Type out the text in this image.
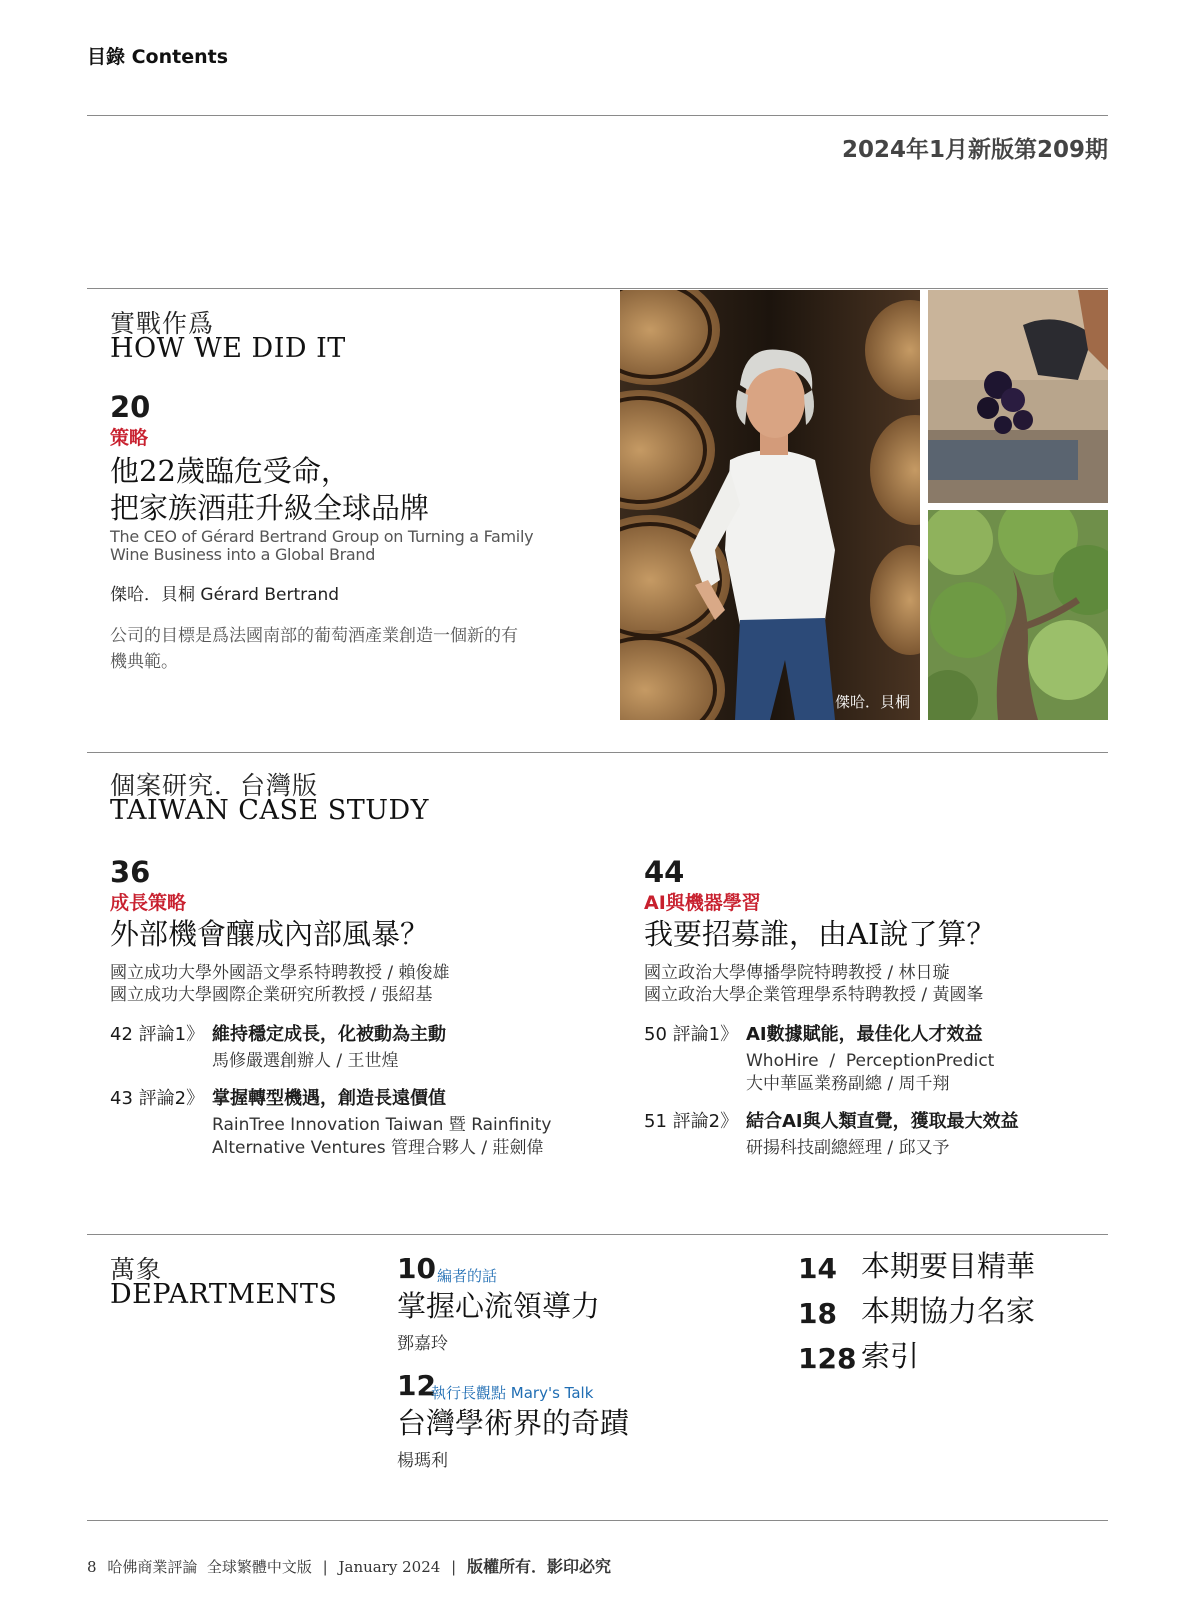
目錄 Contents
2024年1月新版第209期
實戰作爲
HOW WE DID IT
20
策略
他22歲臨危受命，
把家族酒莊升級全球品牌
The CEO of Gérard Bertrand Group on Turning a Family
Wine Business into a Global Brand
傑哈．貝桐 Gérard Bertrand
公司的目標是爲法國南部的葡萄酒產業創造一個新的有
機典範。
傑哈．貝桐
個案研究．台灣版
TAIWAN CASE STUDY
36
成長策略
外部機會釀成內部風暴？
國立成功大學外國語文學系特聘教授 / 賴俊雄
國立成功大學國際企業研究所教授 / 張紹基
42 評論1》 維持穩定成長，化被動為主動
馬修嚴選創辦人 / 王世煌
43 評論2》 掌握轉型機遇，創造長遠價值
RainTree Innovation Taiwan 暨 Rainfinity
Alternative Ventures 管理合夥人 / 莊劍偉
44
AI與機器學習
我要招募誰，由AI說了算？
國立政治大學傳播學院特聘教授 / 林日璇
國立政治大學企業管理學系特聘教授 / 黃國峯
50 評論1》 AI數據賦能，最佳化人才效益
WhoHire  /  PerceptionPredict
大中華區業務副總 / 周千翔
51 評論2》 結合AI與人類直覺，獲取最大效益
研揚科技副總經理 / 邱又予
萬象
DEPARTMENTS
10 編者的話
掌握心流領導力
鄧嘉玲
12
執行長觀點 Mary's Talk
台灣學術界的奇蹟
楊瑪利
14 本期要目精華
18 本期協力名家
128 索引
8 哈佛商業評論  全球繁體中文版 | January 2024 | 版權所有．影印必究
